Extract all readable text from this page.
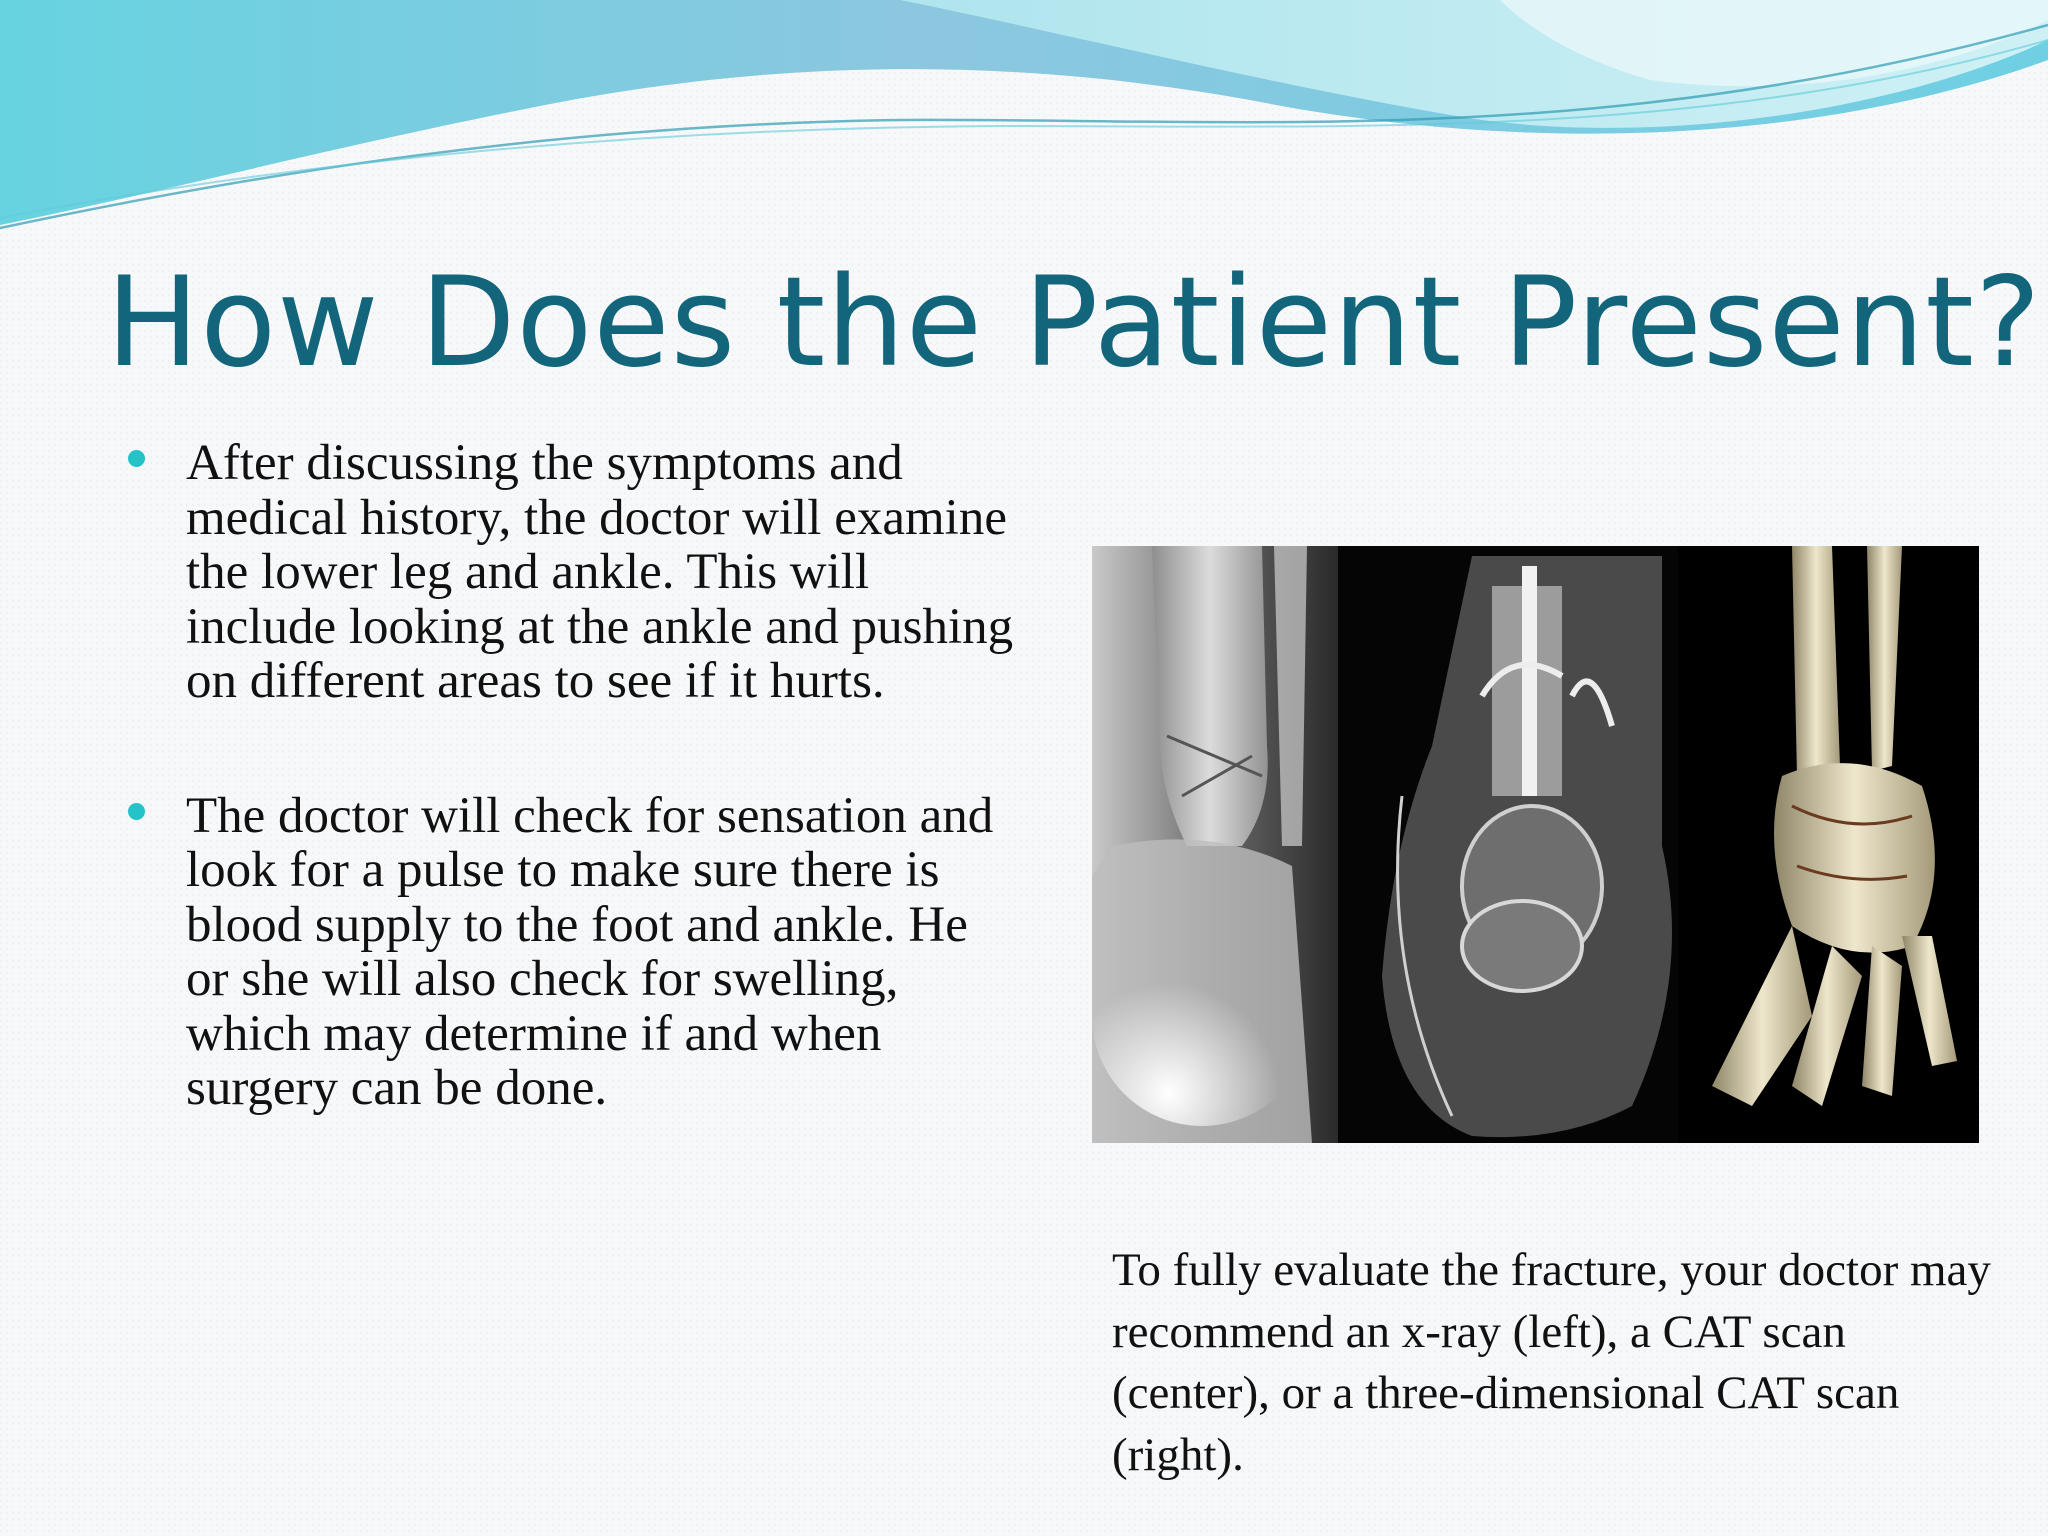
How Does the Patient Present?
After discussing the symptoms and medical history, the doctor will examine the lower leg and ankle. This will include looking at the ankle and pushing on different areas to see if it hurts.
The doctor will check for sensation and look for a pulse to make sure there is blood supply to the foot and ankle. He or she will also check for swelling, which may determine if and when surgery can be done.

To fully evaluate the fracture, your doctor may recommend an x-ray (left), a CAT scan (center), or a three-dimensional CAT scan (right).
